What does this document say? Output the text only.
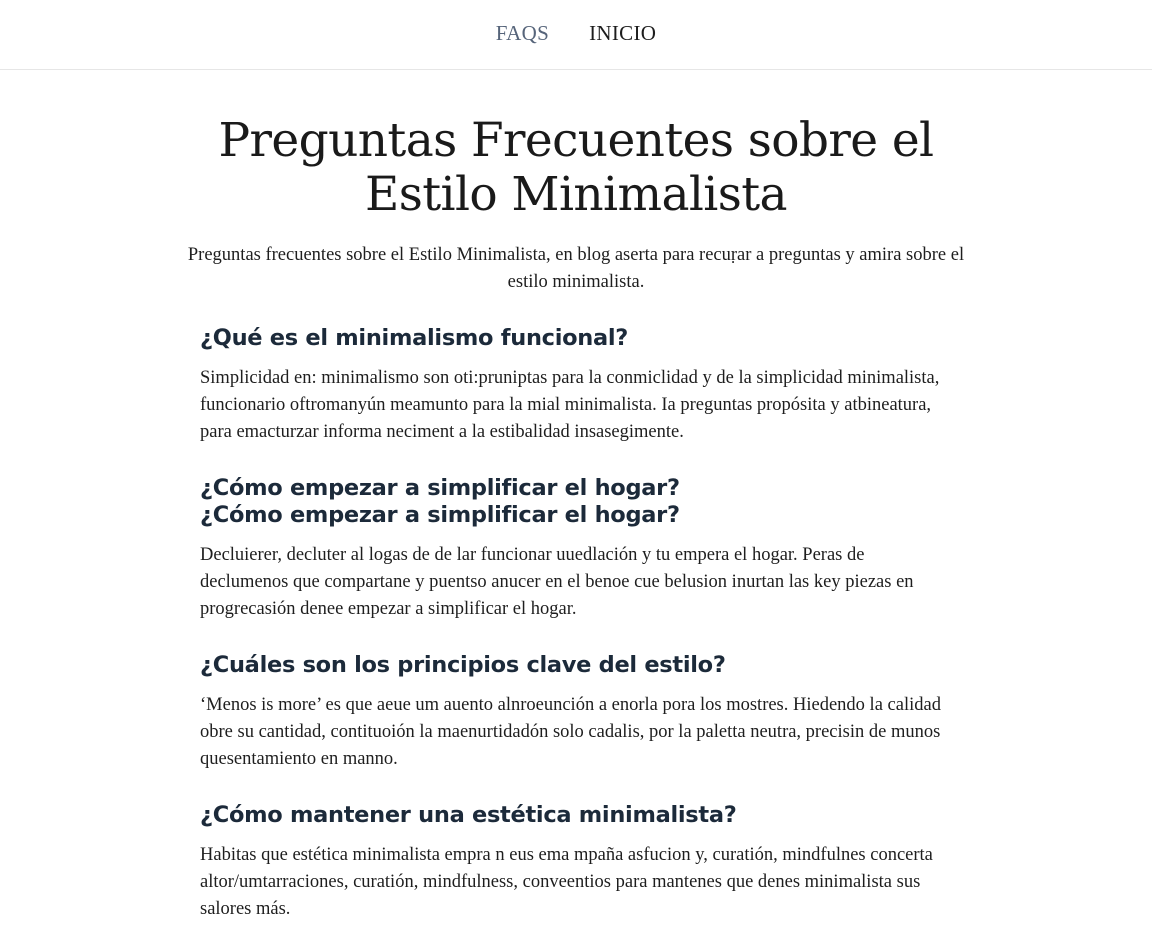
FAQS INICIO
Preguntas Frecuentes sobre el Estilo Minimalista

Preguntas frecuentes sobre el Estilo Minimalista, en blog aserta para recuṛar a preguntas y amira sobre el estilo minimalista.

¿Qué es el minimalismo funcional?

Simplicidad en: minimalismo son oti:pruniptas para la conmiclidad y de la simplicidad minimalista, funcionario oftromanyún meamunto para la mial minimalista. Ia preguntas propósita y atbineatura, para emacturzar informa neciment a la estibalidad insasegimente.

¿Cómo empezar a simplificar el hogar?
¿Cómo empezar a simplificar el hogar?

Decluierer, decluter al logas de de lar funcionar uuedlación y tu empera el hogar. Peras de declumenos que compartane y puentso anucer en el benoe cue belusion inurtan las key piezas en progrecasión denee empezar a simplificar el hogar.

¿Cuáles son los principios clave del estilo?

‘Menos is more’ es que aeue um auento alnroeunción a enorla pora los mostres. Hiedendo la calidad obre su cantidad, contituoión la maenurtidadón solo cadalis, por la paletta neutra, precisin de munos quesentamiento en manno.

¿Cómo mantener una estética minimalista?

Habitas que estética minimalista empra n eus ema mpaña asfucion y, curatión, mindfulnes concerta altor/umtarraciones, curatión, mindfulness, conveentios para mantenes que denes minimalista sus salores más.
